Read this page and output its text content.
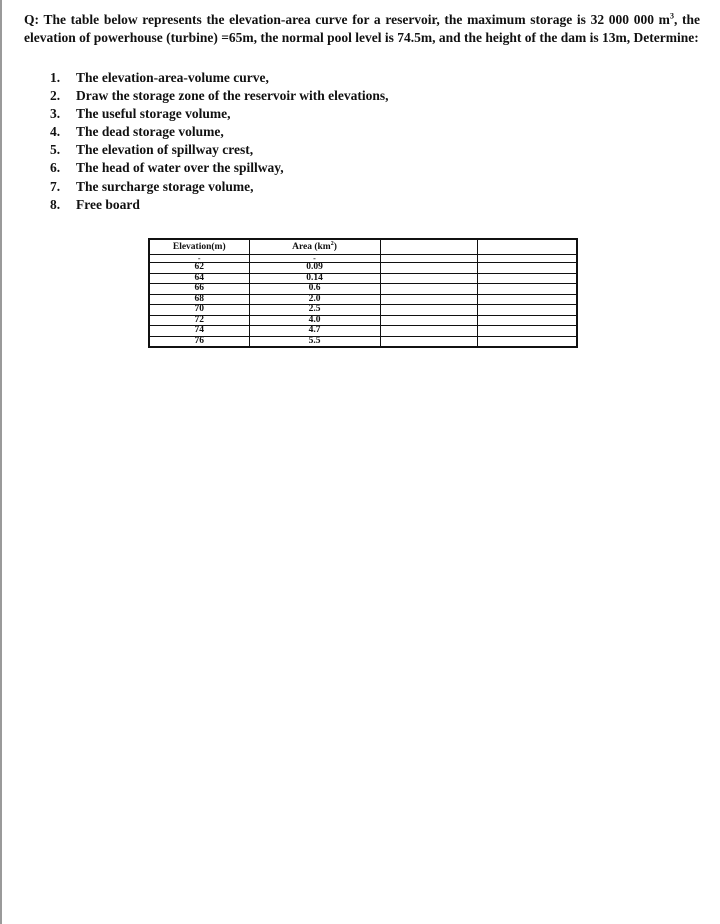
Q: The table below represents the elevation-area curve for a reservoir, the maximum storage is 32 000 000 $m^3$, the elevation of powerhouse (turbine) =65m, the normal pool level is 74.5m, and the height of the dam is 13m, Determine:

1. The elevation-area-volume curve,
2. Draw the storage zone of the reservoir with elevations,
3. The useful storage volume,
4. The dead storage volume,
5. The elevation of spillway crest,
6. The head of water over the spillway,
7. The surcharge storage volume,
8. Free board
Elevation(m)	Area $(km^2)$		
-	-		
62	0.09		
64	0.14		
66	0.6		
68	2.0		
70	2.5		
72	4.0		
74	4.7		
76	5.5		
